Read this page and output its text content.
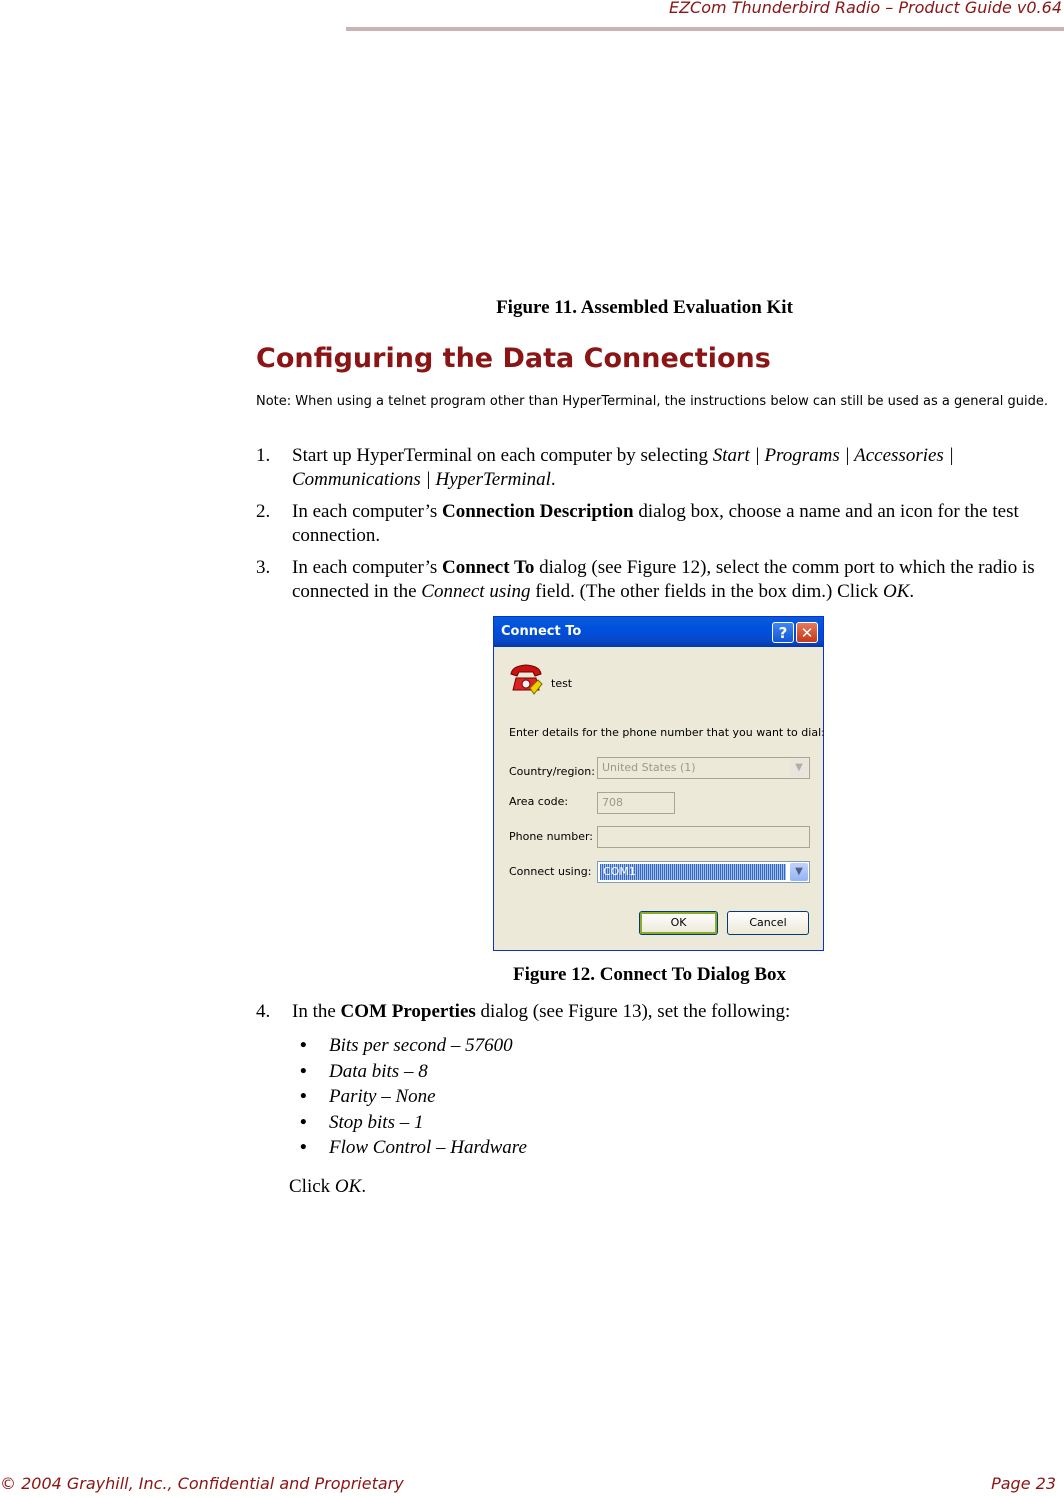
EZCom Thunderbird Radio – Product Guide v0.64
Figure 11. Assembled Evaluation Kit
Configuring the Data Connections
Note: When using a telnet program other than HyperTerminal, the instructions below can still be used as a general guide.
1. Start up HyperTerminal on each computer by selecting Start | Programs | Accessories | Communications | HyperTerminal.
2. In each computer’s Connection Description dialog box, choose a name and an icon for the test connection.
3. In each computer’s Connect To dialog (see Figure 12), select the comm port to which the radio is connected in the Connect using field. (The other fields in the box dim.) Click OK.
Connect To	? ✕
test
Enter details for the phone number that you want to dial:
Country/region: United States (1)	▼
Area code:	708
Phone number:
Connect using: COM1	▼
OK	Cancel
Figure 12. Connect To Dialog Box
4. In the COM Properties dialog (see Figure 13), set the following:
• Bits per second – 57600
• Data bits – 8
• Parity – None
• Stop bits – 1
• Flow Control – Hardware
Click OK.
© 2004 Grayhill, Inc., Confidential and Proprietary	Page 23
